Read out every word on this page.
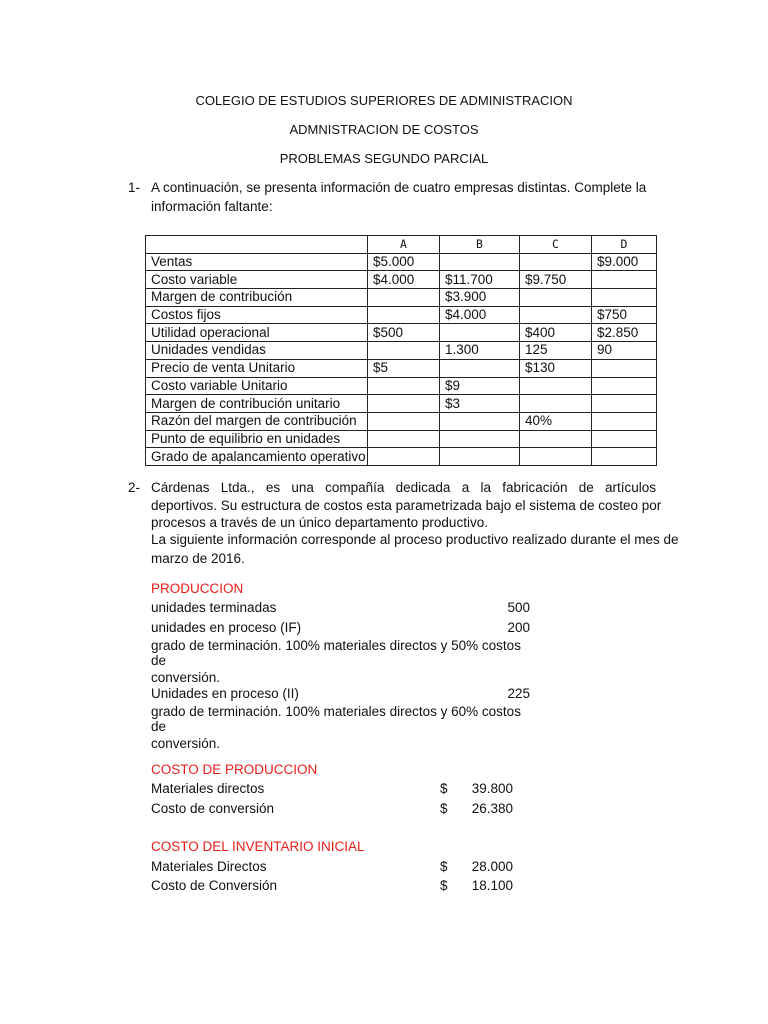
COLEGIO DE ESTUDIOS SUPERIORES DE ADMINISTRACION
ADMNISTRACION DE COSTOS
PROBLEMAS SEGUNDO PARCIAL
1- A continuación, se presenta información de cuatro empresas distintas. Complete la
información faltante:
	A	B	C	D
Ventas	$5.000			$9.000
Costo variable	$4.000	$11.700	$9.750	
Margen de contribución		$3.900		
Costos fijos		$4.000		$750
Utilidad operacional	$500		$400	$2.850
Unidades vendidas		1.300	125	90
Precio de venta Unitario	$5		$130	
Costo variable Unitario		$9		
Margen de contribución unitario		$3		
Razón del margen de contribución			40%	
Punto de equilibrio en unidades				
Grado de apalancamiento operativo				
2- Cárdenas   Ltda.,   es   una   compañía   dedicada   a   la   fabricación   de   artículos
deportivos. Su estructura de costos esta parametrizada bajo el sistema de costeo por
procesos a través de un único departamento productivo.
La siguiente información corresponde al proceso productivo realizado durante el mes de
marzo de 2016.
PRODUCCION
unidades terminadas	500
unidades en proceso (IF)	200
grado de terminación. 100% materiales directos y 50% costos
de
conversión.
Unidades en proceso (II)	225
grado de terminación. 100% materiales directos y 60% costos
de
conversión.
COSTO DE PRODUCCION
Materiales directos	$	39.800
Costo de conversión	$	26.380
COSTO DEL INVENTARIO INICIAL
Materiales Directos	$	28.000
Costo de Conversión	$	18.100
